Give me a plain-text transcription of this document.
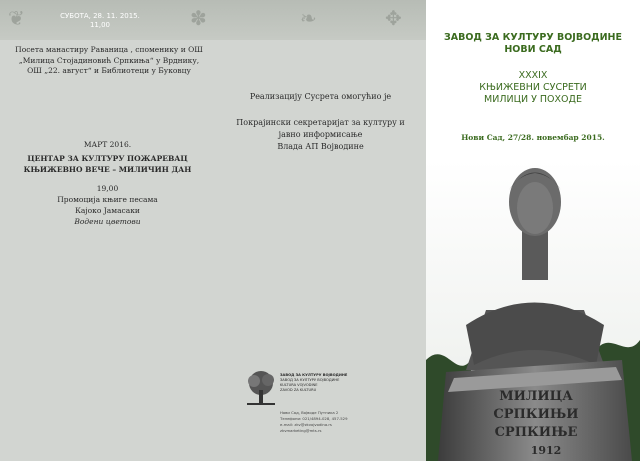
❦	✽	❧	✥
СУБОТА, 28. 11. 2015.
11,00
Посета манастиру Раваница , споменику и ОШ
„Милица Стојадиновић Српкиња“ у Врднику,
ОШ „22. август“ и Библиотеци у Буковцу
МАРТ 2016.
ЦЕНТАР ЗА КУЛТУРУ ПОЖАРЕВАЦ
КЊИЖЕВНО ВЕЧЕ – МИЛИЧИН ДАН
19,00
Промоција књиге песама
Кајоко Јамасаки
Водени цветови
Реализацију Сусрета омогућио је
Покрајински секретаријат за културу и
јавно информисање
Влада АП Војводине
ЗАВОД ЗА КУЛТУРУ ВОЈВОДИНЕ
ЗАВОД ЗА КУЛТУРУ ВОЈВОДИНЕ
KULTURA VOJVODINE
ZAVOD ZA KULTURU
Нови Сад, Војводе Путника 2
Телефони: 021/4894-028, 457-529
e-mail: zkv@zkvojvodina.rs
zkvmarketing@mts.rs
ЗАВОД ЗА КУЛТУРУ ВОЈВОДИНЕ
НОВИ САД
XXXIX
КЊИЖЕВНИ СУСРЕТИ
МИЛИЦИ У ПОХОДЕ
Нови Сад, 27/28. новембар 2015.
МИЛИЦА
СРПКИЊИ
СРПКИЊЕ
1912
